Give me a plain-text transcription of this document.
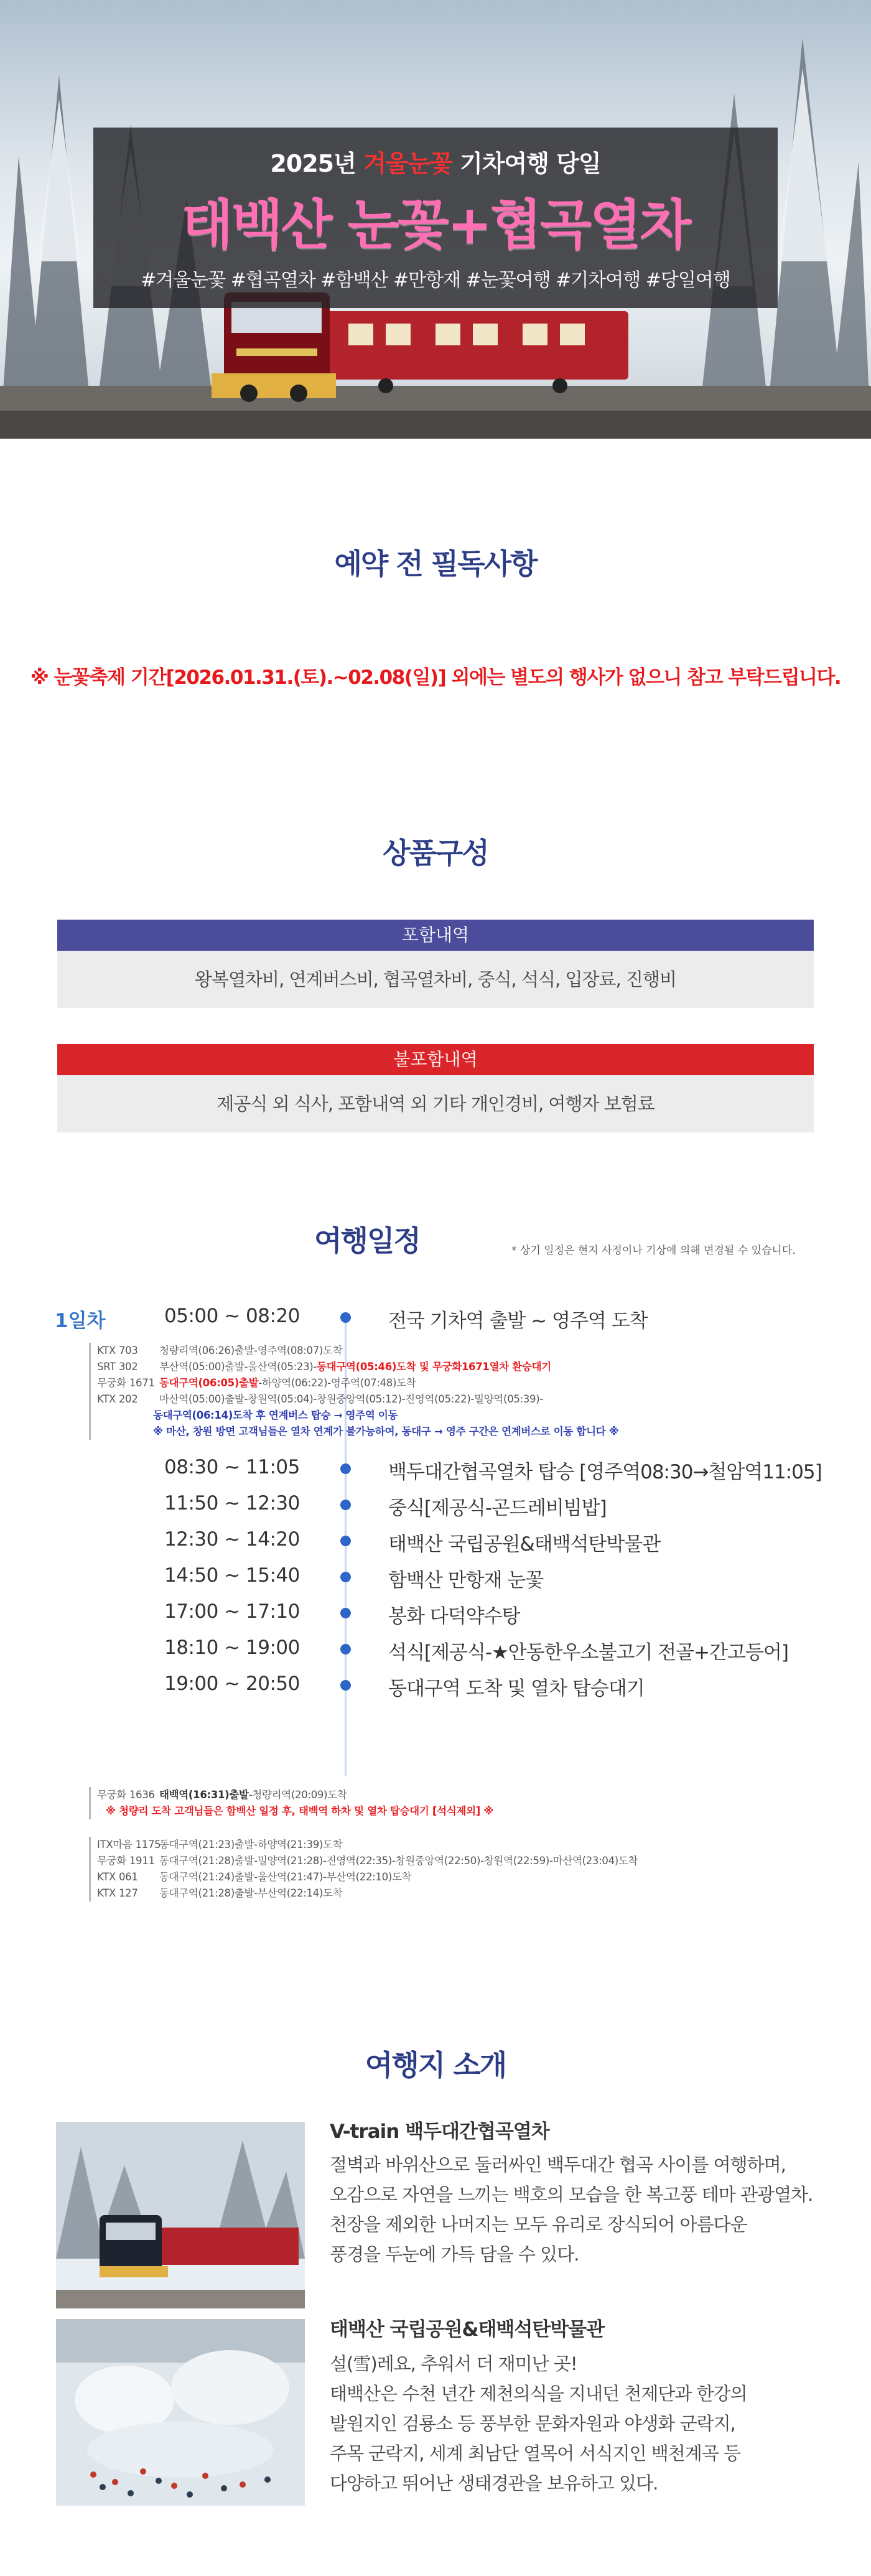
2025년 겨울눈꽃 기차여행 당일
태백산 눈꽃+협곡열차
#겨울눈꽃 #협곡열차 #함백산 #만항재 #눈꽃여행 #기차여행 #당일여행
예약 전 필독사항
※ 눈꽃축제 기간[2026.01.31.(토).~02.08(일)] 외에는 별도의 행사가 없으니 참고 부탁드립니다.
상품구성
포함내역
왕복열차비, 연계버스비, 협곡열차비, 중식, 석식, 입장료, 진행비
불포함내역
제공식 외 식사, 포함내역 외 기타 개인경비, 여행자 보험료
여행일정	* 상기 일정은 현지 사정이나 기상에 의해 변경될 수 있습니다.
1일차	05:00 ~ 08:20	전국 기차역 출발 ~ 영주역 도착
KTX 703 청량리역(06:26)출발-영주역(08:07)도착
SRT 302 부산역(05:00)출발-울산역(05:23)-동대구역(05:46)도착 및 무궁화1671열차 환승대기
무궁화 1671 동대구역(06:05)출발-하양역(06:22)-영주역(07:48)도착
KTX 202 마산역(05:00)출발-창원역(05:04)-창원중앙역(05:12)-진영역(05:22)-밀양역(05:39)-
동대구역(06:14)도착 후 연계버스 탑승 → 영주역 이동
※ 마산, 창원 방면 고객님들은 열차 연계가 불가능하여, 동대구 → 영주 구간은 연계버스로 이동 합니다 ※
08:30 ~ 11:05	백두대간협곡열차 탑승 [영주역08:30→철암역11:05]
11:50 ~ 12:30	중식[제공식-곤드레비빔밥]
12:30 ~ 14:20	태백산 국립공원&태백석탄박물관
14:50 ~ 15:40	함백산 만항재 눈꽃
17:00 ~ 17:10	봉화 다덕약수탕
18:10 ~ 19:00	석식[제공식-★안동한우소불고기 전골+간고등어]
19:00 ~ 20:50	동대구역 도착 및 열차 탑승대기
무궁화 1636 태백역(16:31)출발-청량리역(20:09)도착
※ 청량리 도착 고객님들은 함백산 일정 후, 태백역 하차 및 열차 탑승대기 [석식제외] ※
ITX마음 1175동대구역(21:23)출발-하양역(21:39)도착
무궁화 1911 동대구역(21:28)출발-밀양역(21:28)-진영역(22:35)-창원중앙역(22:50)-창원역(22:59)-마산역(23:04)도착
KTX 061 동대구역(21:24)출발-울산역(21:47)-부산역(22:10)도착
KTX 127 동대구역(21:28)출발-부산역(22:14)도착
여행지 소개
V-train 백두대간협곡열차
절벽과 바위산으로 둘러싸인 백두대간 협곡 사이를 여행하며,
오감으로 자연을 느끼는 백호의 모습을 한 복고풍 테마 관광열차.
천장을 제외한 나머지는 모두 유리로 장식되어 아름다운
풍경을 두눈에 가득 담을 수 있다.
태백산 국립공원&태백석탄박물관
설(雪)레요, 추워서 더 재미난 곳!
태백산은 수천 년간 제천의식을 지내던 천제단과 한강의
발원지인 검룡소 등 풍부한 문화자원과 야생화 군락지,
주목 군락지, 세계 최남단 열목어 서식지인 백천계곡 등
다양하고 뛰어난 생태경관을 보유하고 있다.
